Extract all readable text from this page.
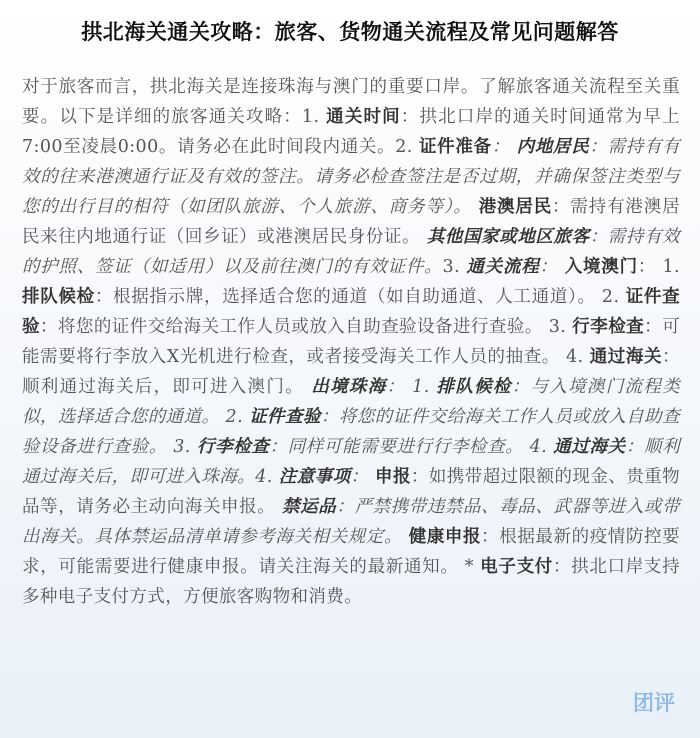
拱北海关通关攻略：旅客、货物通关流程及常见问题解答
对于旅客而言，拱北海关是连接珠海与澳门的重要口岸。了解旅客通关流程至关重要。以下是详细的旅客通关攻略：1. 通关时间：拱北口岸的通关时间通常为早上7:00至凌晨0:00。请务必在此时间段内通关。2. 证件准备： 内地居民：需持有有效的往来港澳通行证及有效的签注。请务必检查签注是否过期，并确保签注类型与您的出行目的相符（如团队旅游、个人旅游、商务等）。 港澳居民：需持有港澳居民来往内地通行证（回乡证）或港澳居民身份证。 其他国家或地区旅客：需持有效的护照、签证（如适用）以及前往澳门的有效证件。3. 通关流程： 入境澳门： 1. 排队候检：根据指示牌，选择适合您的通道（如自助通道、人工通道）。 2. 证件查验：将您的证件交给海关工作人员或放入自助查验设备进行查验。 3. 行李检查：可能需要将行李放入X光机进行检查，或者接受海关工作人员的抽查。 4. 通过海关：顺利通过海关后，即可进入澳门。 出境珠海： 1. 排队候检：与入境澳门流程类似，选择适合您的通道。 2. 证件查验：将您的证件交给海关工作人员或放入自助查验设备进行查验。 3. 行李检查：同样可能需要进行行李检查。 4. 通过海关：顺利通过海关后，即可进入珠海。4. 注意事项： 申报：如携带超过限额的现金、贵重物品等，请务必主动向海关申报。 禁运品：严禁携带违禁品、毒品、武器等进入或带出海关。具体禁运品清单请参考海关相关规定。 健康申报：根据最新的疫情防控要求，可能需要进行健康申报。请关注海关的最新通知。 * 电子支付：拱北口岸支持多种电子支付方式，方便旅客购物和消费。
团评
